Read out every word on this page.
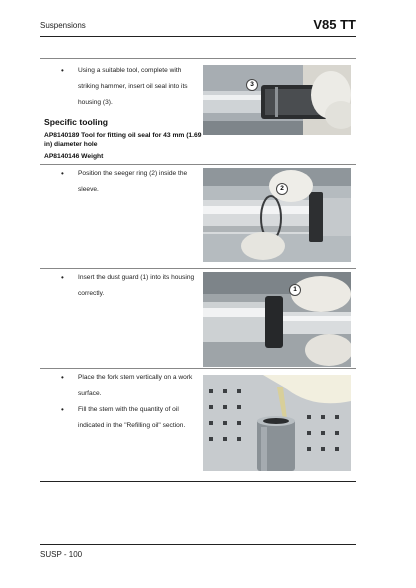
Suspensions	V85 TT
• Using a suitable tool, complete with striking hammer, insert oil seal into its housing (3).
Specific tooling
AP8140189 Tool for fitting oil seal for 43 mm (1.69 in) diameter hole
AP8140146 Weight
3
• Position the seeger ring (2) inside the sleeve.	2
• Insert the dust guard (1) into its housing correctly.
1
• Place the fork stem vertically on a work surface.
• Fill the stem with the quantity of oil indicated in the "Refilling oil" section.
SUSP - 100
